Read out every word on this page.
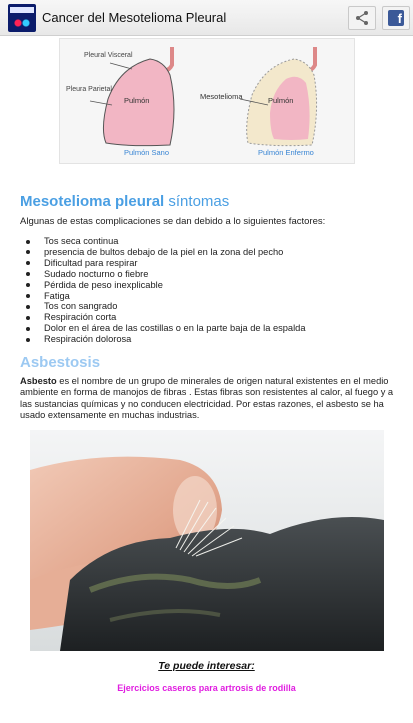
Cancer del Mesotelioma Pleural	f
Pleural Visceral
Pleura Parietal
Pulmón	Mesotelioma	Pulmón
Pulmón Sano	Pulmón Enfermo
Mesotelioma pleural síntomas
Algunas de estas complicaciones se dan debido a lo siguientes factores:
Tos seca continua
presencia de bultos debajo de la piel en la zona del pecho
Dificultad para respirar
Sudado nocturno o fiebre
Pérdida de peso inexplicable
Fatiga
Tos con sangrado
Respiración corta
Dolor en el área de las costillas o en la parte baja de la espalda
Respiración dolorosa
Asbestosis

Asbesto es el nombre de un grupo de minerales de origen natural existentes en el medio ambiente en forma de manojos de fibras . Estas fibras son resistentes al calor, al fuego y a las sustancias químicas y no conducen electricidad. Por estas razones, el asbesto se ha usado extensamente en muchas industrias.

Te puede interesar:
Ejercicios caseros para artrosis de rodilla
